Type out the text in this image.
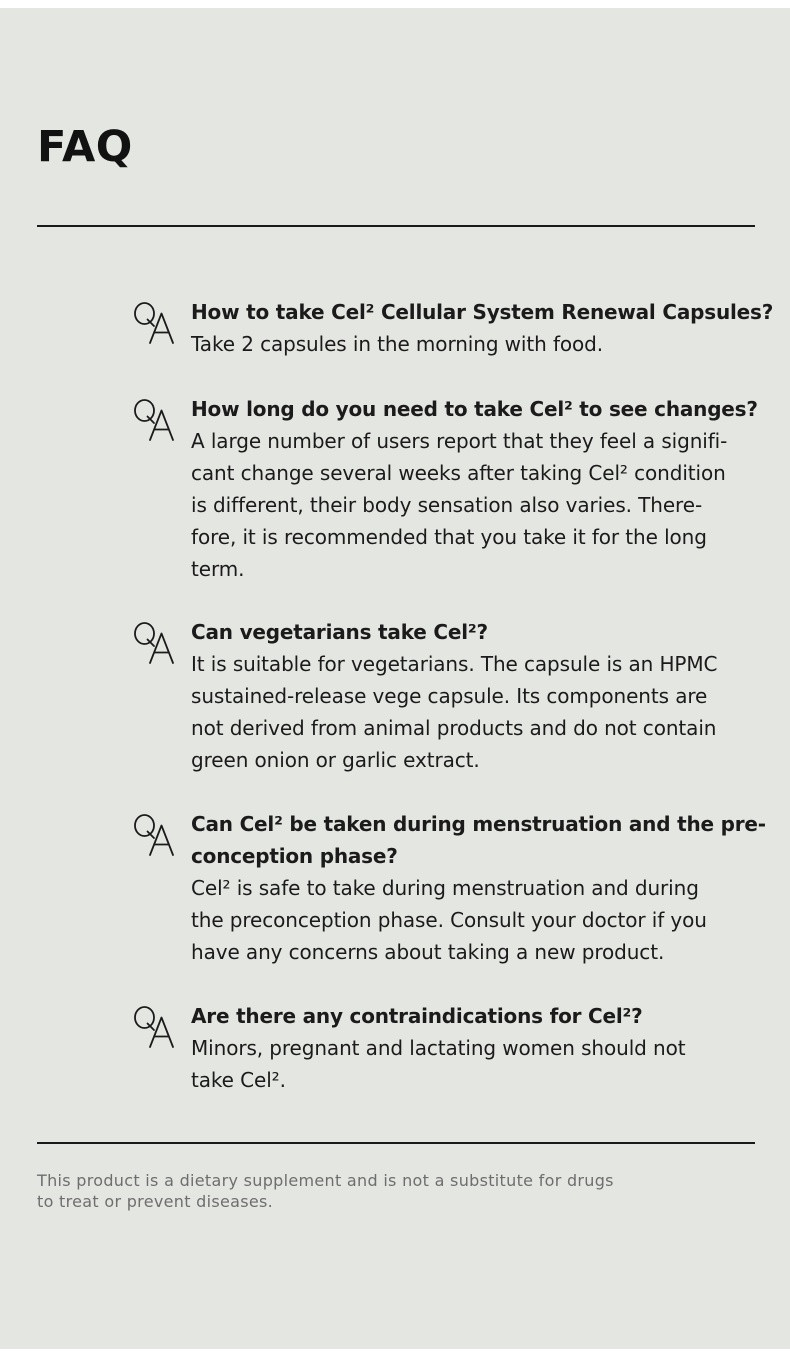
FAQ
How to take Cel² Cellular System Renewal Capsules?
Take 2 capsules in the morning with food.
How long do you need to take Cel² to see changes?
A large number of users report that they feel a signifi-
cant change several weeks after taking Cel² condition
is different, their body sensation also varies. There-
fore, it is recommended that you take it for the long
term.
Can vegetarians take Cel²?
It is suitable for vegetarians. The capsule is an HPMC
sustained-release vege capsule. Its components are
not derived from animal products and do not contain
green onion or garlic extract.
Can Cel² be taken during menstruation and the pre-
conception phase?
Cel² is safe to take during menstruation and during
the preconception phase. Consult your doctor if you
have any concerns about taking a new product.
Are there any contraindications for Cel²?
Minors, pregnant and lactating women should not
take Cel².

This product is a dietary supplement and is not a substitute for drugs
to treat or prevent diseases.
